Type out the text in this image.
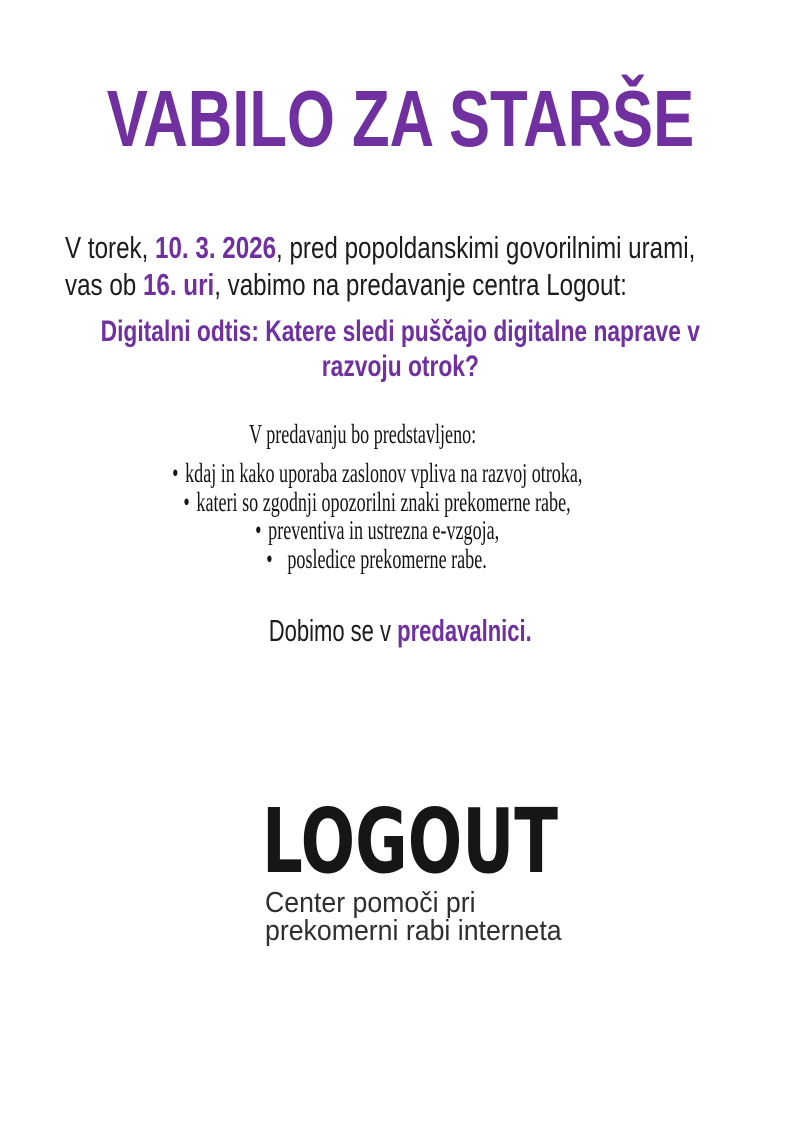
VABILO ZA STARŠE
V torek, 10. 3. 2026, pred popoldanskimi govorilnimi urami,
vas ob 16. uri, vabimo na predavanje centra Logout:
Digitalni odtis: Katere sledi puščajo digitalne naprave v
razvoju otrok?
V predavanju bo predstavljeno:
• kdaj in kako uporaba zaslonov vpliva na razvoj otroka,
• kateri so zgodnji opozorilni znaki prekomerne rabe,
• preventiva in ustrezna e-vzgoja,
• posledice prekomerne rabe.
Dobimo se v predavalnici.
LOGOUT
Center pomoči pri
prekomerni rabi interneta
